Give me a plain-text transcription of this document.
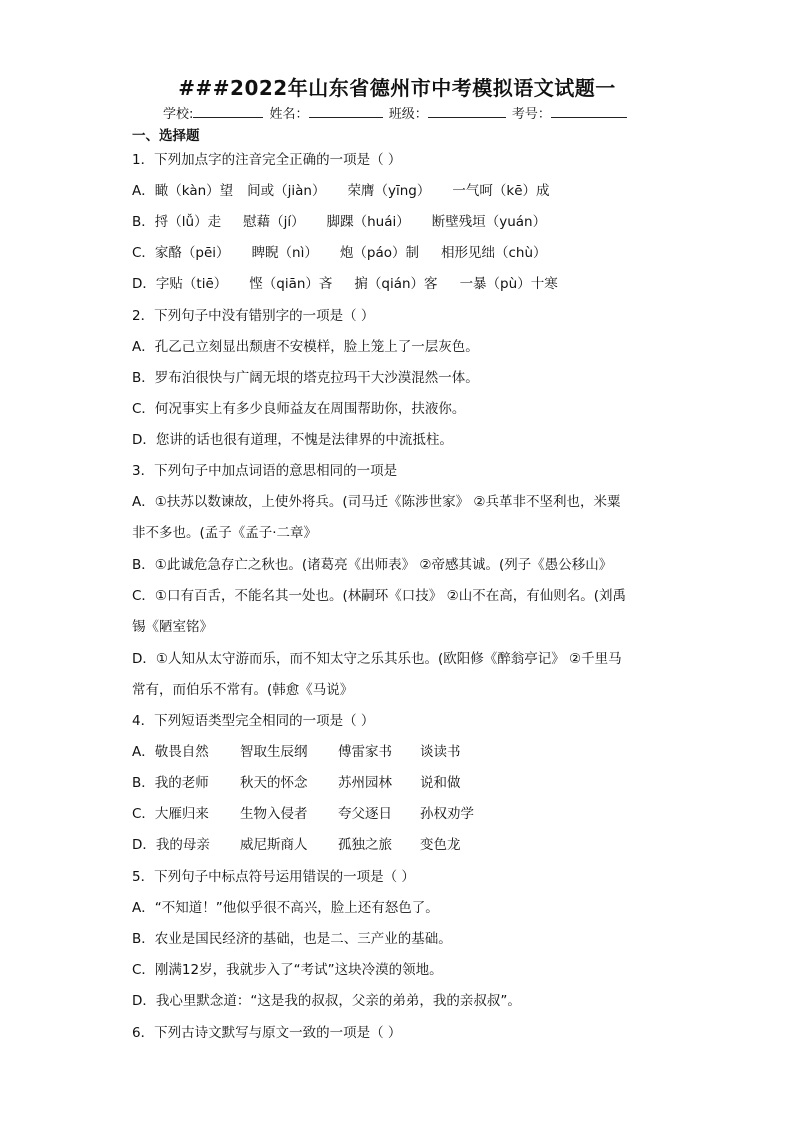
###2022年山东省德州市中考模拟语文试题一
学校:	姓名：	班级：	考号：
一、选择题
1．下列加点字的注音完全正确的一项是（ ）
A．瞰（kàn）望 间或（jiàn） 荣膺（yīng） 一气呵（kē）成
B．捋（lǚ）走 慰藉（jí） 脚踝（huái） 断壁残垣（yuán）
C．家酪（pēi） 睥睨（nì） 炮（páo）制 相形见绌（chù）
D．字贴（tiē） 悭（qiān）吝 掮（qián）客 一暴（pù）十寒
2．下列句子中没有错别字的一项是（ ）
A．孔乙己立刻显出颓唐不安模样，脸上笼上了一层灰色。
B．罗布泊很快与广阔无垠的塔克拉玛干大沙漠混然一体。
C．何况事实上有多少良师益友在周围帮助你，扶液你。
D．您讲的话也很有道理，不愧是法律界的中流抵柱。
3．下列句子中加点词语的意思相同的一项是
A．①扶苏以数谏故，上使外将兵。(司马迁《陈涉世家》 ②兵革非不坚利也，米粟
非不多也。(孟子《孟子·二章》
B．①此诚危急存亡之秋也。(诸葛亮《出师表》 ②帝感其诚。(列子《愚公移山》
C．①口有百舌，不能名其一处也。(林嗣环《口技》 ②山不在高，有仙则名。(刘禹
锡《陋室铭》
D．①人知从太守游而乐，而不知太守之乐其乐也。(欧阳修《醉翁亭记》 ②千里马
常有，而伯乐不常有。(韩愈《马说》
4．下列短语类型完全相同的一项是（ ）
A．敬畏自然 智取生辰纲 傅雷家书 谈读书
B．我的老师 秋天的怀念 苏州园林 说和做
C．大雁归来 生物入侵者 夸父逐日 孙权劝学
D．我的母亲 威尼斯商人 孤独之旅 变色龙
5．下列句子中标点符号运用错误的一项是（ ）
A．“不知道！”他似乎很不高兴，脸上还有怒色了。
B．农业是国民经济的基础，也是二、三产业的基础。
C．刚满12岁，我就步入了“考试”这块冷漠的领地。
D．我心里默念道：“这是我的叔叔，父亲的弟弟，我的亲叔叔”。
6．下列古诗文默写与原文一致的一项是（ ）
